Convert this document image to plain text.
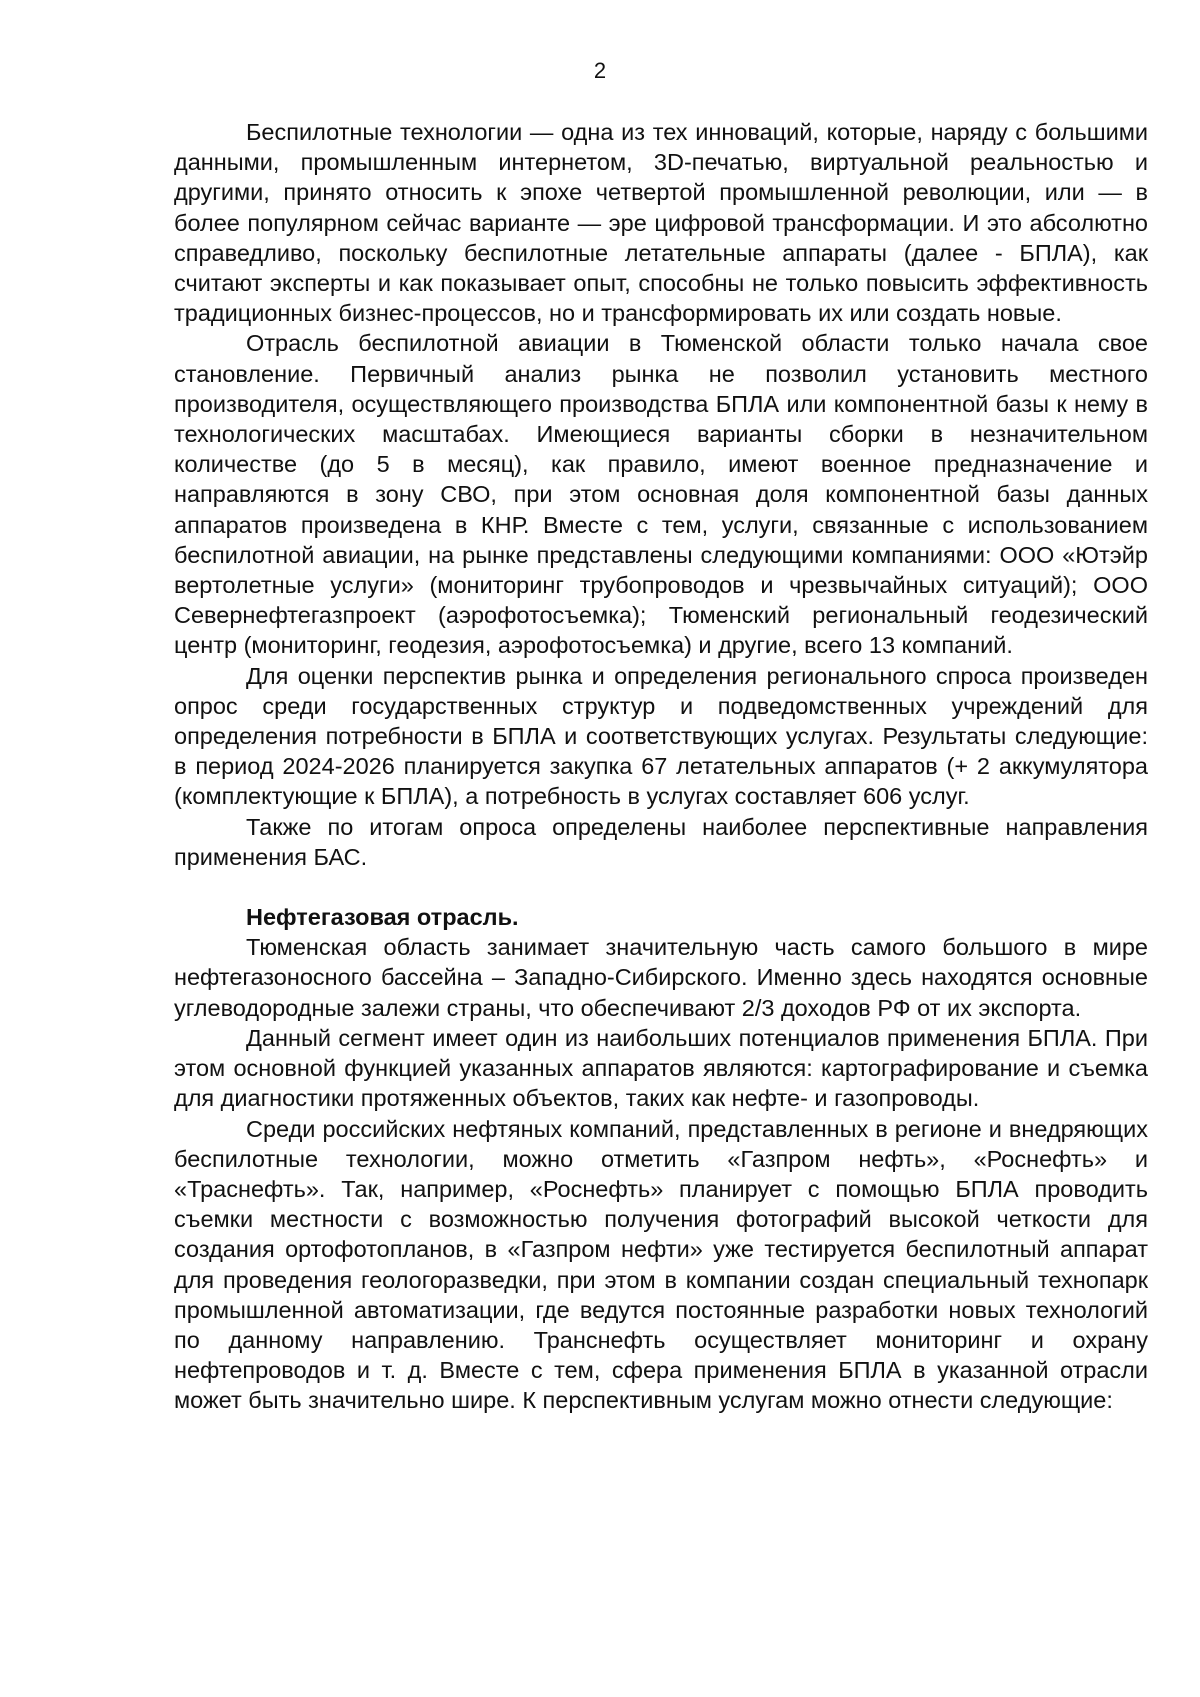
2

Беспилотные технологии — одна из тех инноваций, которые, наряду с большими данными, промышленным интернетом, 3D-печатью, виртуальной реальностью и другими, принято относить к эпохе четвертой промышленной революции, или — в более популярном сейчас варианте — эре цифровой трансформации. И это абсолютно справедливо, поскольку беспилотные летательные аппараты (далее - БПЛА), как считают эксперты и как показывает опыт, способны не только повысить эффективность традиционных бизнес-процессов, но и трансформировать их или создать новые.

Отрасль беспилотной авиации в Тюменской области только начала свое становление. Первичный анализ рынка не позволил установить местного производителя, осуществляющего производства БПЛА или компонентной базы к нему в технологических масштабах. Имеющиеся варианты сборки в незначительном количестве (до 5 в месяц), как правило, имеют военное предназначение и направляются в зону СВО, при этом основная доля компонентной базы данных аппаратов произведена в КНР. Вместе с тем, услуги, связанные с использованием беспилотной авиации, на рынке представлены следующими компаниями: ООО «Ютэйр вертолетные услуги» (мониторинг трубопроводов и чрезвычайных ситуаций); ООО Севернефтегазпроект (аэрофотосъемка); Тюменский региональный геодезический центр (мониторинг, геодезия, аэрофотосъемка) и другие, всего 13 компаний.

Для оценки перспектив рынка и определения регионального спроса произведен опрос среди государственных структур и подведомственных учреждений для определения потребности в БПЛА и соответствующих услугах. Результаты следующие: в период 2024-2026 планируется закупка 67 летательных аппаратов (+ 2 аккумулятора (комплектующие к БПЛА), а потребность в услугах составляет 606 услуг.

Также по итогам опроса определены наиболее перспективные направления применения БАС.

Нефтегазовая отрасль.

Тюменская область занимает значительную часть самого большого в мире нефтегазоносного бассейна – Западно-Сибирского. Именно здесь находятся основные углеводородные залежи страны, что обеспечивают 2/3 доходов РФ от их экспорта.

Данный сегмент имеет один из наибольших потенциалов применения БПЛА. При этом основной функцией указанных аппаратов являются: картографирование и съемка для диагностики протяженных объектов, таких как нефте- и газопроводы.

Среди российских нефтяных компаний, представленных в регионе и внедряющих беспилотные технологии, можно отметить «Газпром нефть», «Роснефть» и «Траснефть». Так, например, «Роснефть» планирует с помощью БПЛА проводить съемки местности с возможностью получения фотографий высокой четкости для создания ортофотопланов, в «Газпром нефти» уже тестируется беспилотный аппарат для проведения геологоразведки, при этом в компании создан специальный технопарк промышленной автоматизации, где ведутся постоянные разработки новых технологий по данному направлению. Транснефть осуществляет мониторинг и охрану нефтепроводов и т. д. Вместе с тем, сфера применения БПЛА в указанной отрасли может быть значительно шире. К перспективным услугам можно отнести следующие:
